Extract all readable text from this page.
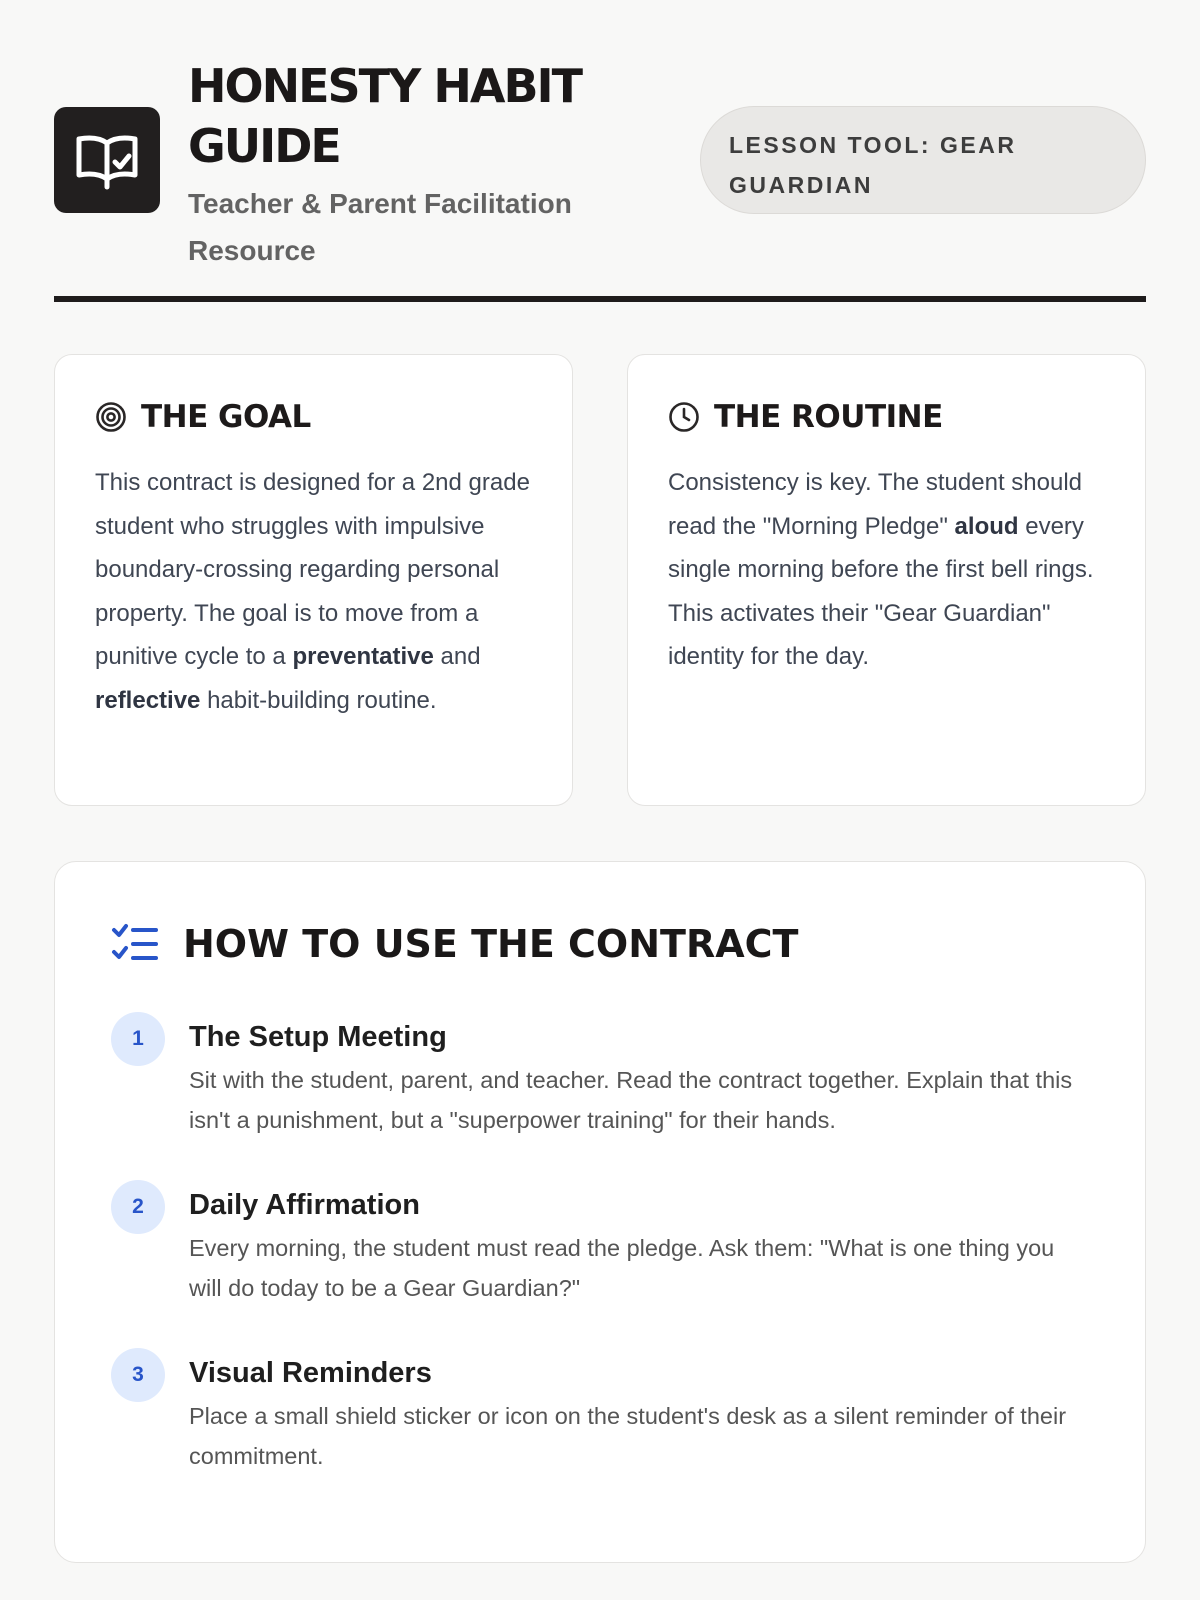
HONESTY HABIT GUIDE
Teacher & Parent Facilitation Resource
LESSON TOOL: GEAR GUARDIAN
THE GOAL

This contract is designed for a 2nd grade student who struggles with impulsive boundary-crossing regarding personal property. The goal is to move from a punitive cycle to a preventative and reflective habit-building routine.

THE ROUTINE

Consistency is key. The student should read the "Morning Pledge" aloud every single morning before the first bell rings. This activates their "Gear Guardian" identity for the day.

HOW TO USE THE CONTRACT
1	The Setup Meeting
Sit with the student, parent, and teacher. Read the contract together. Explain that this isn't a punishment, but a "superpower training" for their hands.
2	Daily Affirmation
Every morning, the student must read the pledge. Ask them: "What is one thing you will do today to be a Gear Guardian?"
3	Visual Reminders
Place a small shield sticker or icon on the student's desk as a silent reminder of their commitment.
